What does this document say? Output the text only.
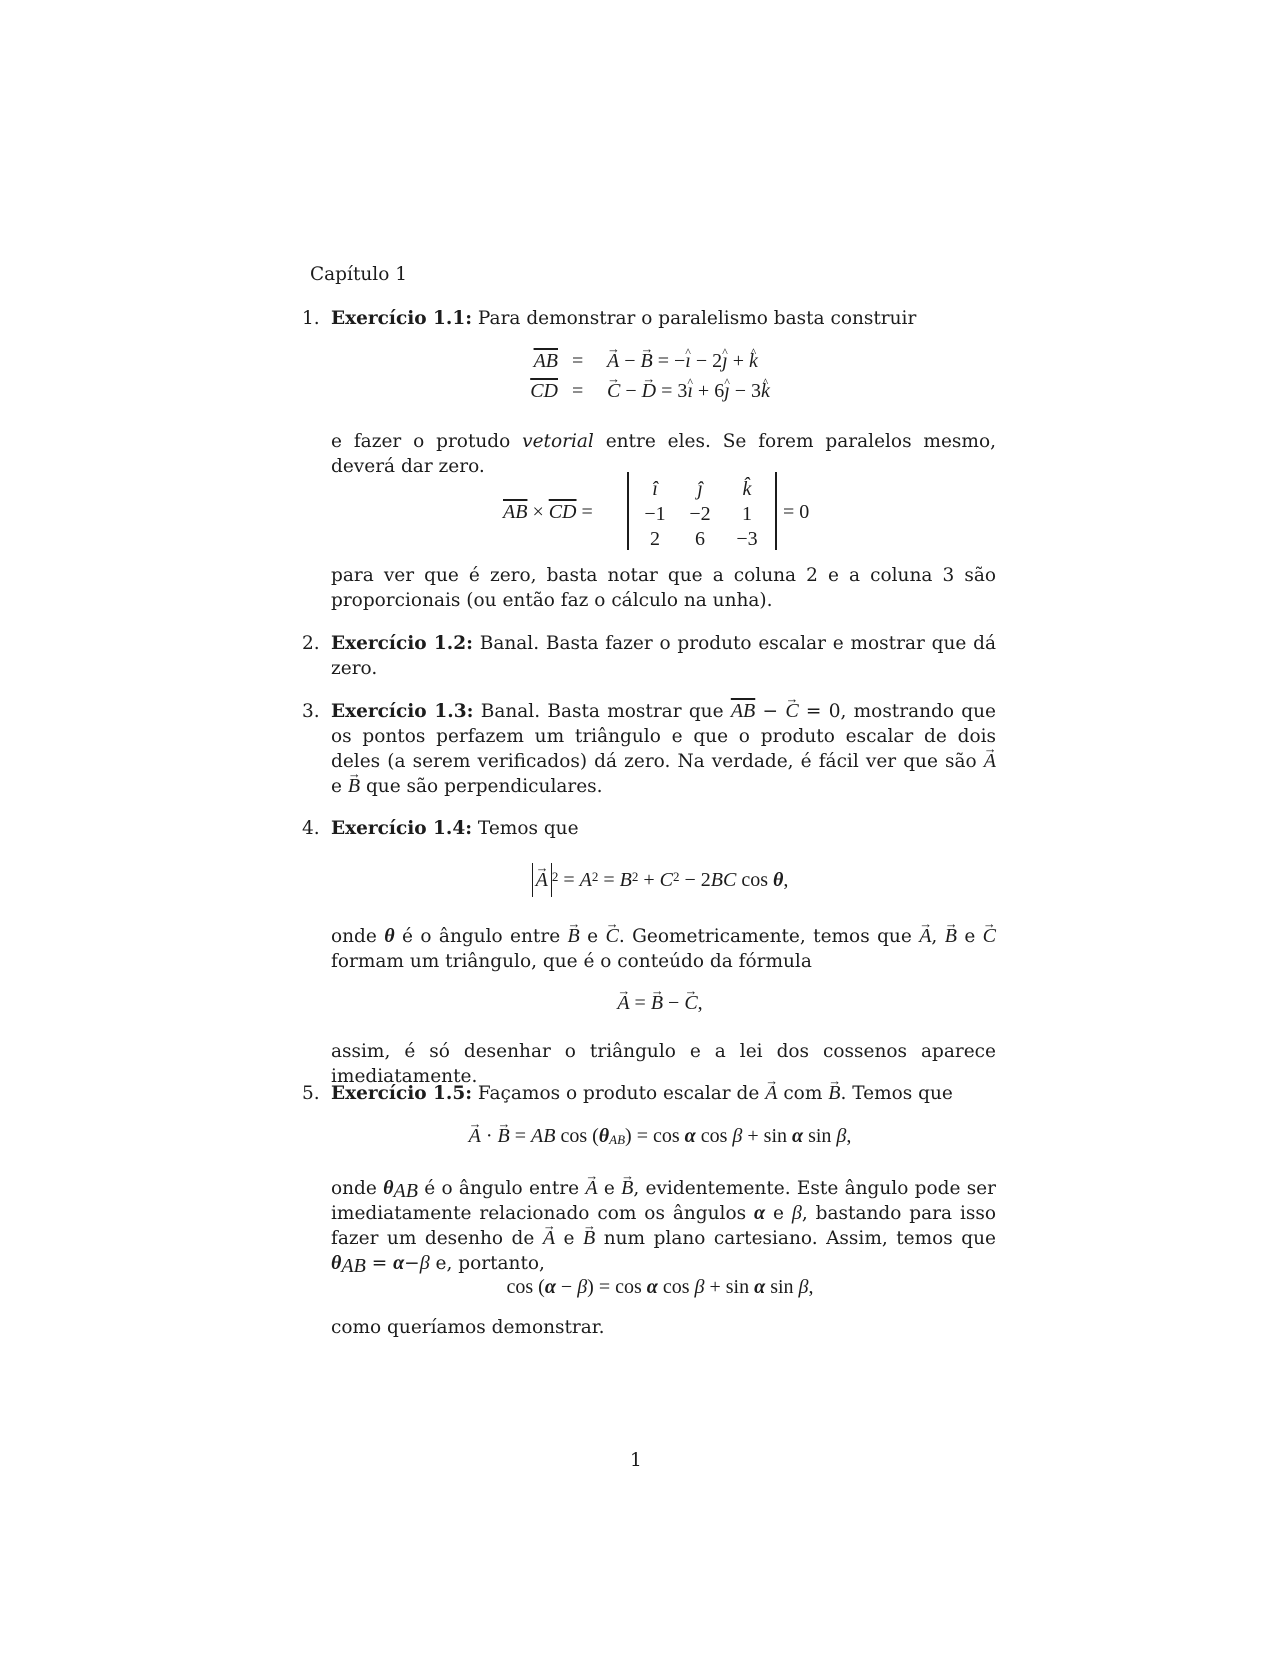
Capítulo 1
1. Exercício 1.1: Para demonstrar o paralelismo basta construir
$\overline{AB}$ = → A − → B = −^ ı − 2^ ȷ + ^ k
$\overline{CD}$ = → C − → D = 3^ ı + 6^ ȷ − 3^ k
e fazer o protudo vetorial entre eles. Se forem paralelos mesmo, deverá dar zero.
$\overline{AB} \times \overline{CD}$ =
î	ĵ	k̂
−1	−2	1
2	6	−3
= 0
para ver que é zero, basta notar que a coluna 2 e a coluna 3 são proporcionais (ou então faz o cálculo na unha).
2. Exercício 1.2: Banal. Basta fazer o produto escalar e mostrar que dá zero.
3. Exercício 1.3: Banal. Basta mostrar que $\overline{AB}$ − → C = 0, mostrando que os pontos perfazem um triângulo e que o produto escalar de dois deles (a serem verificados) dá zero. Na verdade, é fácil ver que são → A e → B que são perpendiculares.
4. Exercício 1.4: Temos que
→ A $^2 = A^2 = B^2 + C^2 - 2BC$ cos θ,
onde θ é o ângulo entre → B e → C. Geometricamente, temos que → A, → B e → C formam um triângulo, que é o conteúdo da fórmula
→ A = → B − → C,
assim, é só desenhar o triângulo e a lei dos cossenos aparece imediatamente.
5. Exercício 1.5: Façamos o produto escalar de → A com → B. Temos que
→ A · → B = AB $\cos (\theta_{AB}) = \cos \alpha$ cos β + sin α sin β,
onde $\theta_{AB}$ é o ângulo entre → A e → B, evidentemente. Este ângulo pode ser imediatamente relacionado com os ângulos α e β, bastando para isso fazer um desenho de → A e → B num plano cartesiano. Assim, temos que $\theta_{AB} = \alpha-\beta$ e, portanto,
cos (α − β) = cos α cos β + sin α sin β,
como queríamos demonstrar.
1
